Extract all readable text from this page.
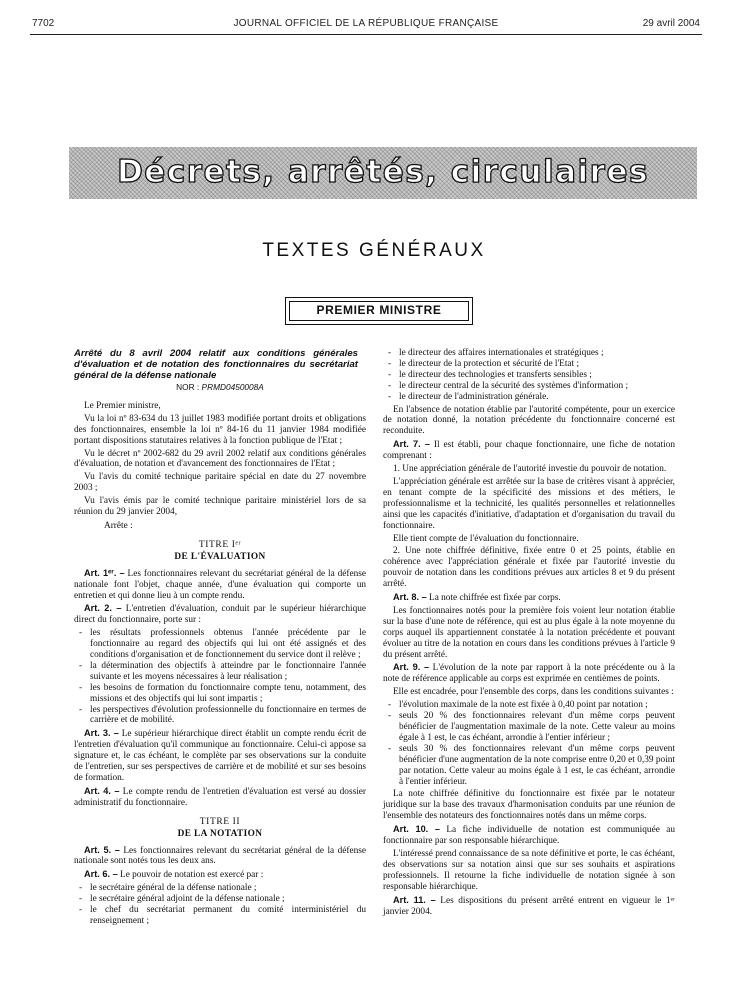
7702	JOURNAL OFFICIEL DE LA RÉPUBLIQUE FRANÇAISE	29 avril 2004
Décrets, arrêtés, circulaires
TEXTES GÉNÉRAUX
PREMIER MINISTRE
Arrêté du 8 avril 2004 relatif aux conditions générales d'évaluation et de notation des fonctionnaires du secrétariat général de la défense nationale
NOR : PRMD0450008A

Le Premier ministre,

Vu la loi nº 83-634 du 13 juillet 1983 modifiée portant droits et obligations des fonctionnaires, ensemble la loi nº 84-16 du 11 janvier 1984 modifiée portant dispositions statutaires relatives à la fonction publique de l'Etat ;

Vu le décret nº 2002-682 du 29 avril 2002 relatif aux conditions générales d'évaluation, de notation et d'avancement des fonctionnaires de l'Etat ;

Vu l'avis du comité technique paritaire spécial en date du 27 novembre 2003 ;

Vu l'avis émis par le comité technique paritaire ministériel lors de sa réunion du 29 janvier 2004,

Arrête :

TITRE Iᵉʳ
DE L'ÉVALUATION

Art. 1ᵉʳ. – Les fonctionnaires relevant du secrétariat général de la défense nationale font l'objet, chaque année, d'une évaluation qui comporte un entretien et qui donne lieu à un compte rendu.

Art. 2. – L'entretien d'évaluation, conduit par le supérieur hiérarchique direct du fonctionnaire, porte sur :

- les résultats professionnels obtenus l'année précédente par le fonctionnaire au regard des objectifs qui lui ont été assignés et des conditions d'organisation et de fonctionnement du service dont il relève ;
- la détermination des objectifs à atteindre par le fonctionnaire l'année suivante et les moyens nécessaires à leur réalisation ;
- les besoins de formation du fonctionnaire compte tenu, notamment, des missions et des objectifs qui lui sont impartis ;
- les perspectives d'évolution professionnelle du fonctionnaire en termes de carrière et de mobilité.

Art. 3. – Le supérieur hiérarchique direct établit un compte rendu écrit de l'entretien d'évaluation qu'il communique au fonctionnaire. Celui-ci appose sa signature et, le cas échéant, le complète par ses observations sur la conduite de l'entretien, sur ses perspectives de carrière et de mobilité et sur ses besoins de formation.

Art. 4. – Le compte rendu de l'entretien d'évaluation est versé au dossier administratif du fonctionnaire.

TITRE II
DE LA NOTATION

Art. 5. – Les fonctionnaires relevant du secrétariat général de la défense nationale sont notés tous les deux ans.

Art. 6. – Le pouvoir de notation est exercé par :

- le secrétaire général de la défense nationale ;
- le secrétaire général adjoint de la défense nationale ;
- le chef du secrétariat permanent du comité interministériel du renseignement ;
- le directeur des affaires internationales et stratégiques ;
- le directeur de la protection et sécurité de l'Etat ;
- le directeur des technologies et transferts sensibles ;
- le directeur central de la sécurité des systèmes d'information ;
- le directeur de l'administration générale.

En l'absence de notation établie par l'autorité compétente, pour un exercice de notation donné, la notation précédente du fonctionnaire concerné est reconduite.

Art. 7. – Il est établi, pour chaque fonctionnaire, une fiche de notation comprenant :

1. Une appréciation générale de l'autorité investie du pouvoir de notation.

L'appréciation générale est arrêtée sur la base de critères visant à apprécier, en tenant compte de la spécificité des missions et des métiers, le professionnalisme et la technicité, les qualités personnelles et relationnelles ainsi que les capacités d'initiative, d'adaptation et d'organisation du travail du fonctionnaire.

Elle tient compte de l'évaluation du fonctionnaire.

2. Une note chiffrée définitive, fixée entre 0 et 25 points, établie en cohérence avec l'appréciation générale et fixée par l'autorité investie du pouvoir de notation dans les conditions prévues aux articles 8 et 9 du présent arrêté.

Art. 8. – La note chiffrée est fixée par corps.

Les fonctionnaires notés pour la première fois voient leur notation établie sur la base d'une note de référence, qui est au plus égale à la note moyenne du corps auquel ils appartiennent constatée à la notation précédente et pouvant évoluer au titre de la notation en cours dans les conditions prévues à l'article 9 du présent arrêté.

Art. 9. – L'évolution de la note par rapport à la note précédente ou à la note de référence applicable au corps est exprimée en centièmes de points.

Elle est encadrée, pour l'ensemble des corps, dans les conditions suivantes :

- l'évolution maximale de la note est fixée à 0,40 point par notation ;
- seuls 20 % des fonctionnaires relevant d'un même corps peuvent bénéficier de l'augmentation maximale de la note. Cette valeur au moins égale à 1 est, le cas échéant, arrondie à l'entier inférieur ;
- seuls 30 % des fonctionnaires relevant d'un même corps peuvent bénéficier d'une augmentation de la note comprise entre 0,20 et 0,39 point par notation. Cette valeur au moins égale à 1 est, le cas échéant, arrondie à l'entier inférieur.

La note chiffrée définitive du fonctionnaire est fixée par le notateur juridique sur la base des travaux d'harmonisation conduits par une réunion de l'ensemble des notateurs des fonctionnaires notés dans un même corps.

Art. 10. – La fiche individuelle de notation est communiquée au fonctionnaire par son responsable hiérarchique.

L'intéressé prend connaissance de sa note définitive et porte, le cas échéant, des observations sur sa notation ainsi que sur ses souhaits et aspirations professionnels. Il retourne la fiche individuelle de notation signée à son responsable hiérarchique.

Art. 11. – Les dispositions du présent arrêté entrent en vigueur le 1ᵉʳ janvier 2004.
